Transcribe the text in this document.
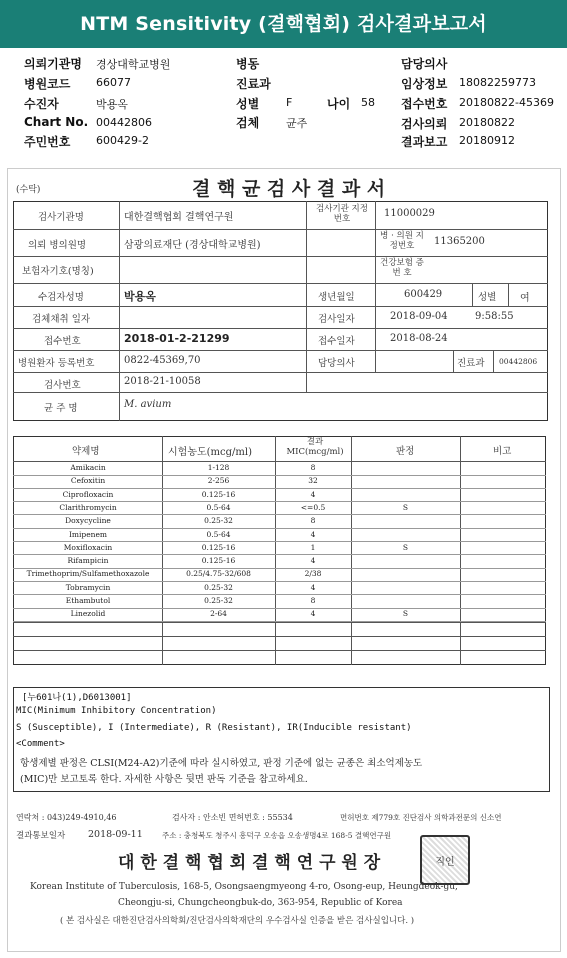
NTM Sensitivity (결핵협회) 검사결과보고서
의뢰기관명 경상대학교병원
병원코드 66077
수진자	박용옥
Chart No. 00442806
주민번호 600429-2
병동
진료과
성별 F	나이 58
검체 균주
담당의사
임상정보 18082259773
접수번호 20180822-45369
검사의뢰 20180822
결과보고 20180912
(수탁)	결 핵 균 검 사 결 과 서
검사기관명	대한결핵협회 결핵연구원
검사기관 지정번호	11000029
의뢰 병의원명	삼광의료재단 (경상대학교병원)
병 · 의원 지정번호	11365200
보험자기호(명칭)
건강보험 증 번 호
수검자성명	박용옥	생년월일	600429	성별 여
검체채취 일자	검사일자	2018-09-04	9:58:55
접수번호	2018-01-2-21299	접수일자	2018-08-24
병원환자 등록번호	0822-45369,70	담당의사	진료과 00442806
검사번호	2018-21-10058
균 주 명	M. avium
약제명	시험농도(mcg/ml)
결과 MIC(mcg/ml)	판정	비고
Amikacin	1-128	8
Cefoxitin	2-256	32
Ciprofloxacin	0.125-16	4
Clarithromycin	0.5-64	<=0.5	S
Doxycycline	0.25-32	8
Imipenem	0.5-64	4
Moxifloxacin	0.125-16	1	S
Rifampicin	0.125-16	4
Trimethoprim/Sulfamethoxazole	0.25/4.75-32/608	2/38
Tobramycin	0.25-32	4
Ethambutol	0.25-32	8
Linezolid	2-64	4	S
[누601나(1),D6013001]
MIC(Minimum Inhibitory Concentration)
S (Susceptible), I (Intermediate), R (Resistant), IR(Inducible resistant)
<Comment>
항생제별 판정은 CLSI(M24-A2)기준에 따라 실시하였고, 판정 기준에 없는 균종은 최소억제농도
(MIC)만 보고토록 한다. 자세한 사항은 뒷면 판독 기준을 참고하세요.
연락처 : 043)249-4910,46	검사자 : 안소빈 면허번호 : 55534	면허번호 제779호 진단검사 의학과전문의 신소연
결과통보일자 2018-09-11	주소 : 충청북도 청주시 흥덕구 오송읍 오송생명4로 168-5 결핵연구원
대 한 결 핵 협 회 결 핵 연 구 원 장	직인
Korean Institute of Tuberculosis, 168-5, Osongsaengmyeong 4-ro, Osong-eup, Heungdeok-gu,
Cheongju-si, Chungcheongbuk-do, 363-954, Republic of Korea
( 본 검사실은 대한진단검사의학회/진단검사의학재단의 우수검사실 인증을 받은 검사실입니다. )
